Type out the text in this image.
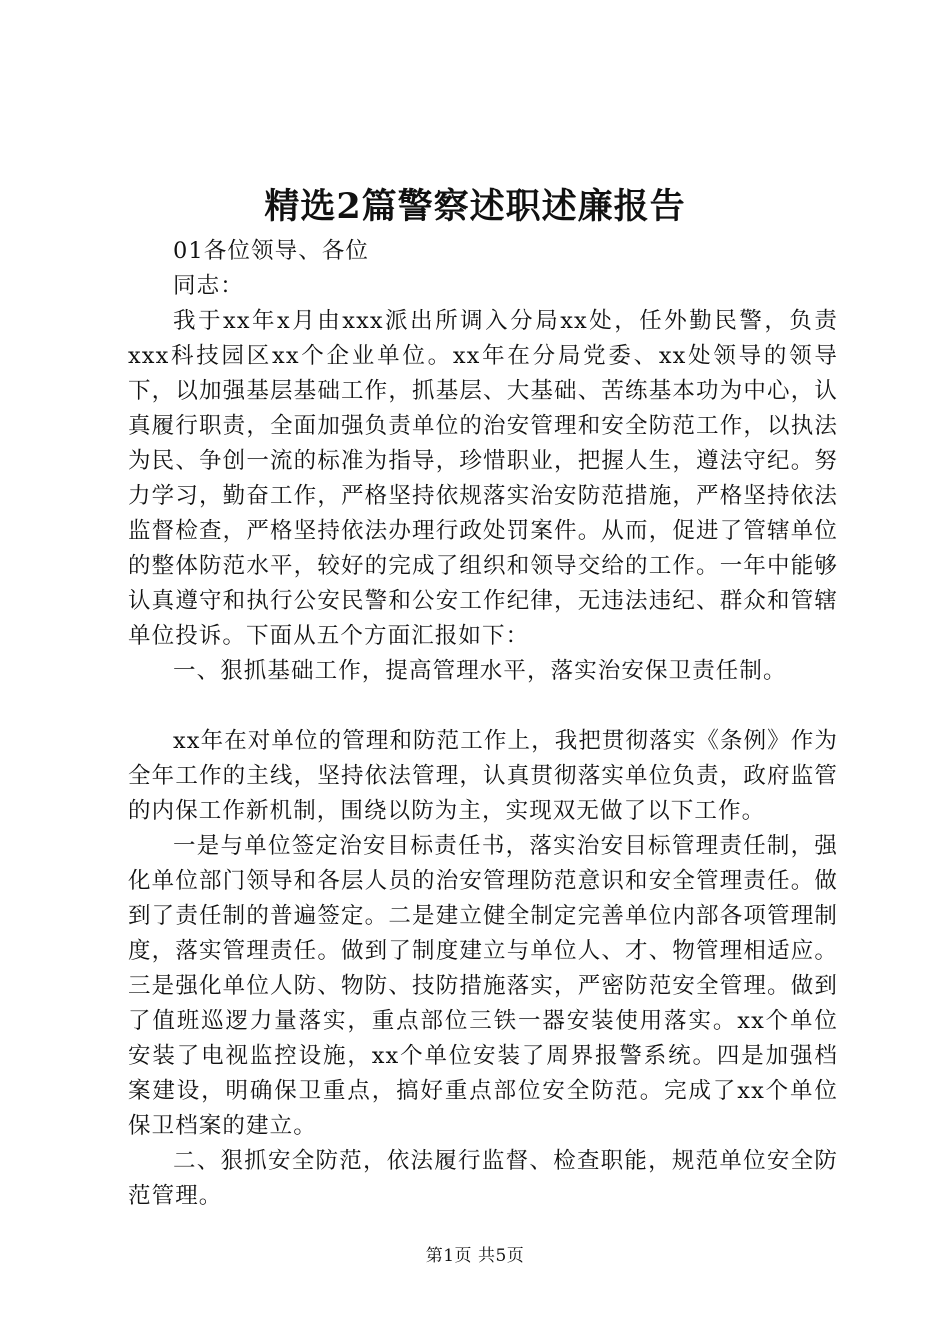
精选2篇警察述职述廉报告

01各位领导、各位

同志：

我于xx年x月由xxx派出所调入分局xx处，任外勤民警，负责xxx科技园区xx个企业单位。xx年在分局党委、xx处领导的领导下，以加强基层基础工作，抓基层、大基础、苦练基本功为中心，认真履行职责，全面加强负责单位的治安管理和安全防范工作，以执法为民、争创一流的标准为指导，珍惜职业，把握人生，遵法守纪。努力学习，勤奋工作，严格坚持依规落实治安防范措施，严格坚持依法监督检查，严格坚持依法办理行政处罚案件。从而，促进了管辖单位的整体防范水平，较好的完成了组织和领导交给的工作。一年中能够认真遵守和执行公安民警和公安工作纪律，无违法违纪、群众和管辖单位投诉。下面从五个方面汇报如下：

一、狠抓基础工作，提高管理水平，落实治安保卫责任制。

xx年在对单位的管理和防范工作上，我把贯彻落实《条例》作为全年工作的主线，坚持依法管理，认真贯彻落实单位负责，政府监管的内保工作新机制，围绕以防为主，实现双无做了以下工作。

一是与单位签定治安目标责任书，落实治安目标管理责任制，强化单位部门领导和各层人员的治安管理防范意识和安全管理责任。做到了责任制的普遍签定。二是建立健全制定完善单位内部各项管理制度，落实管理责任。做到了制度建立与单位人、才、物管理相适应。三是强化单位人防、物防、技防措施落实，严密防范安全管理。做到了值班巡逻力量落实，重点部位三铁一器安装使用落实。xx个单位安装了电视监控设施，xx个单位安装了周界报警系统。四是加强档案建设，明确保卫重点，搞好重点部位安全防范。完成了xx个单位保卫档案的建立。

二、狠抓安全防范，依法履行监督、检查职能，规范单位安全防范管理。

第1页 共5页
